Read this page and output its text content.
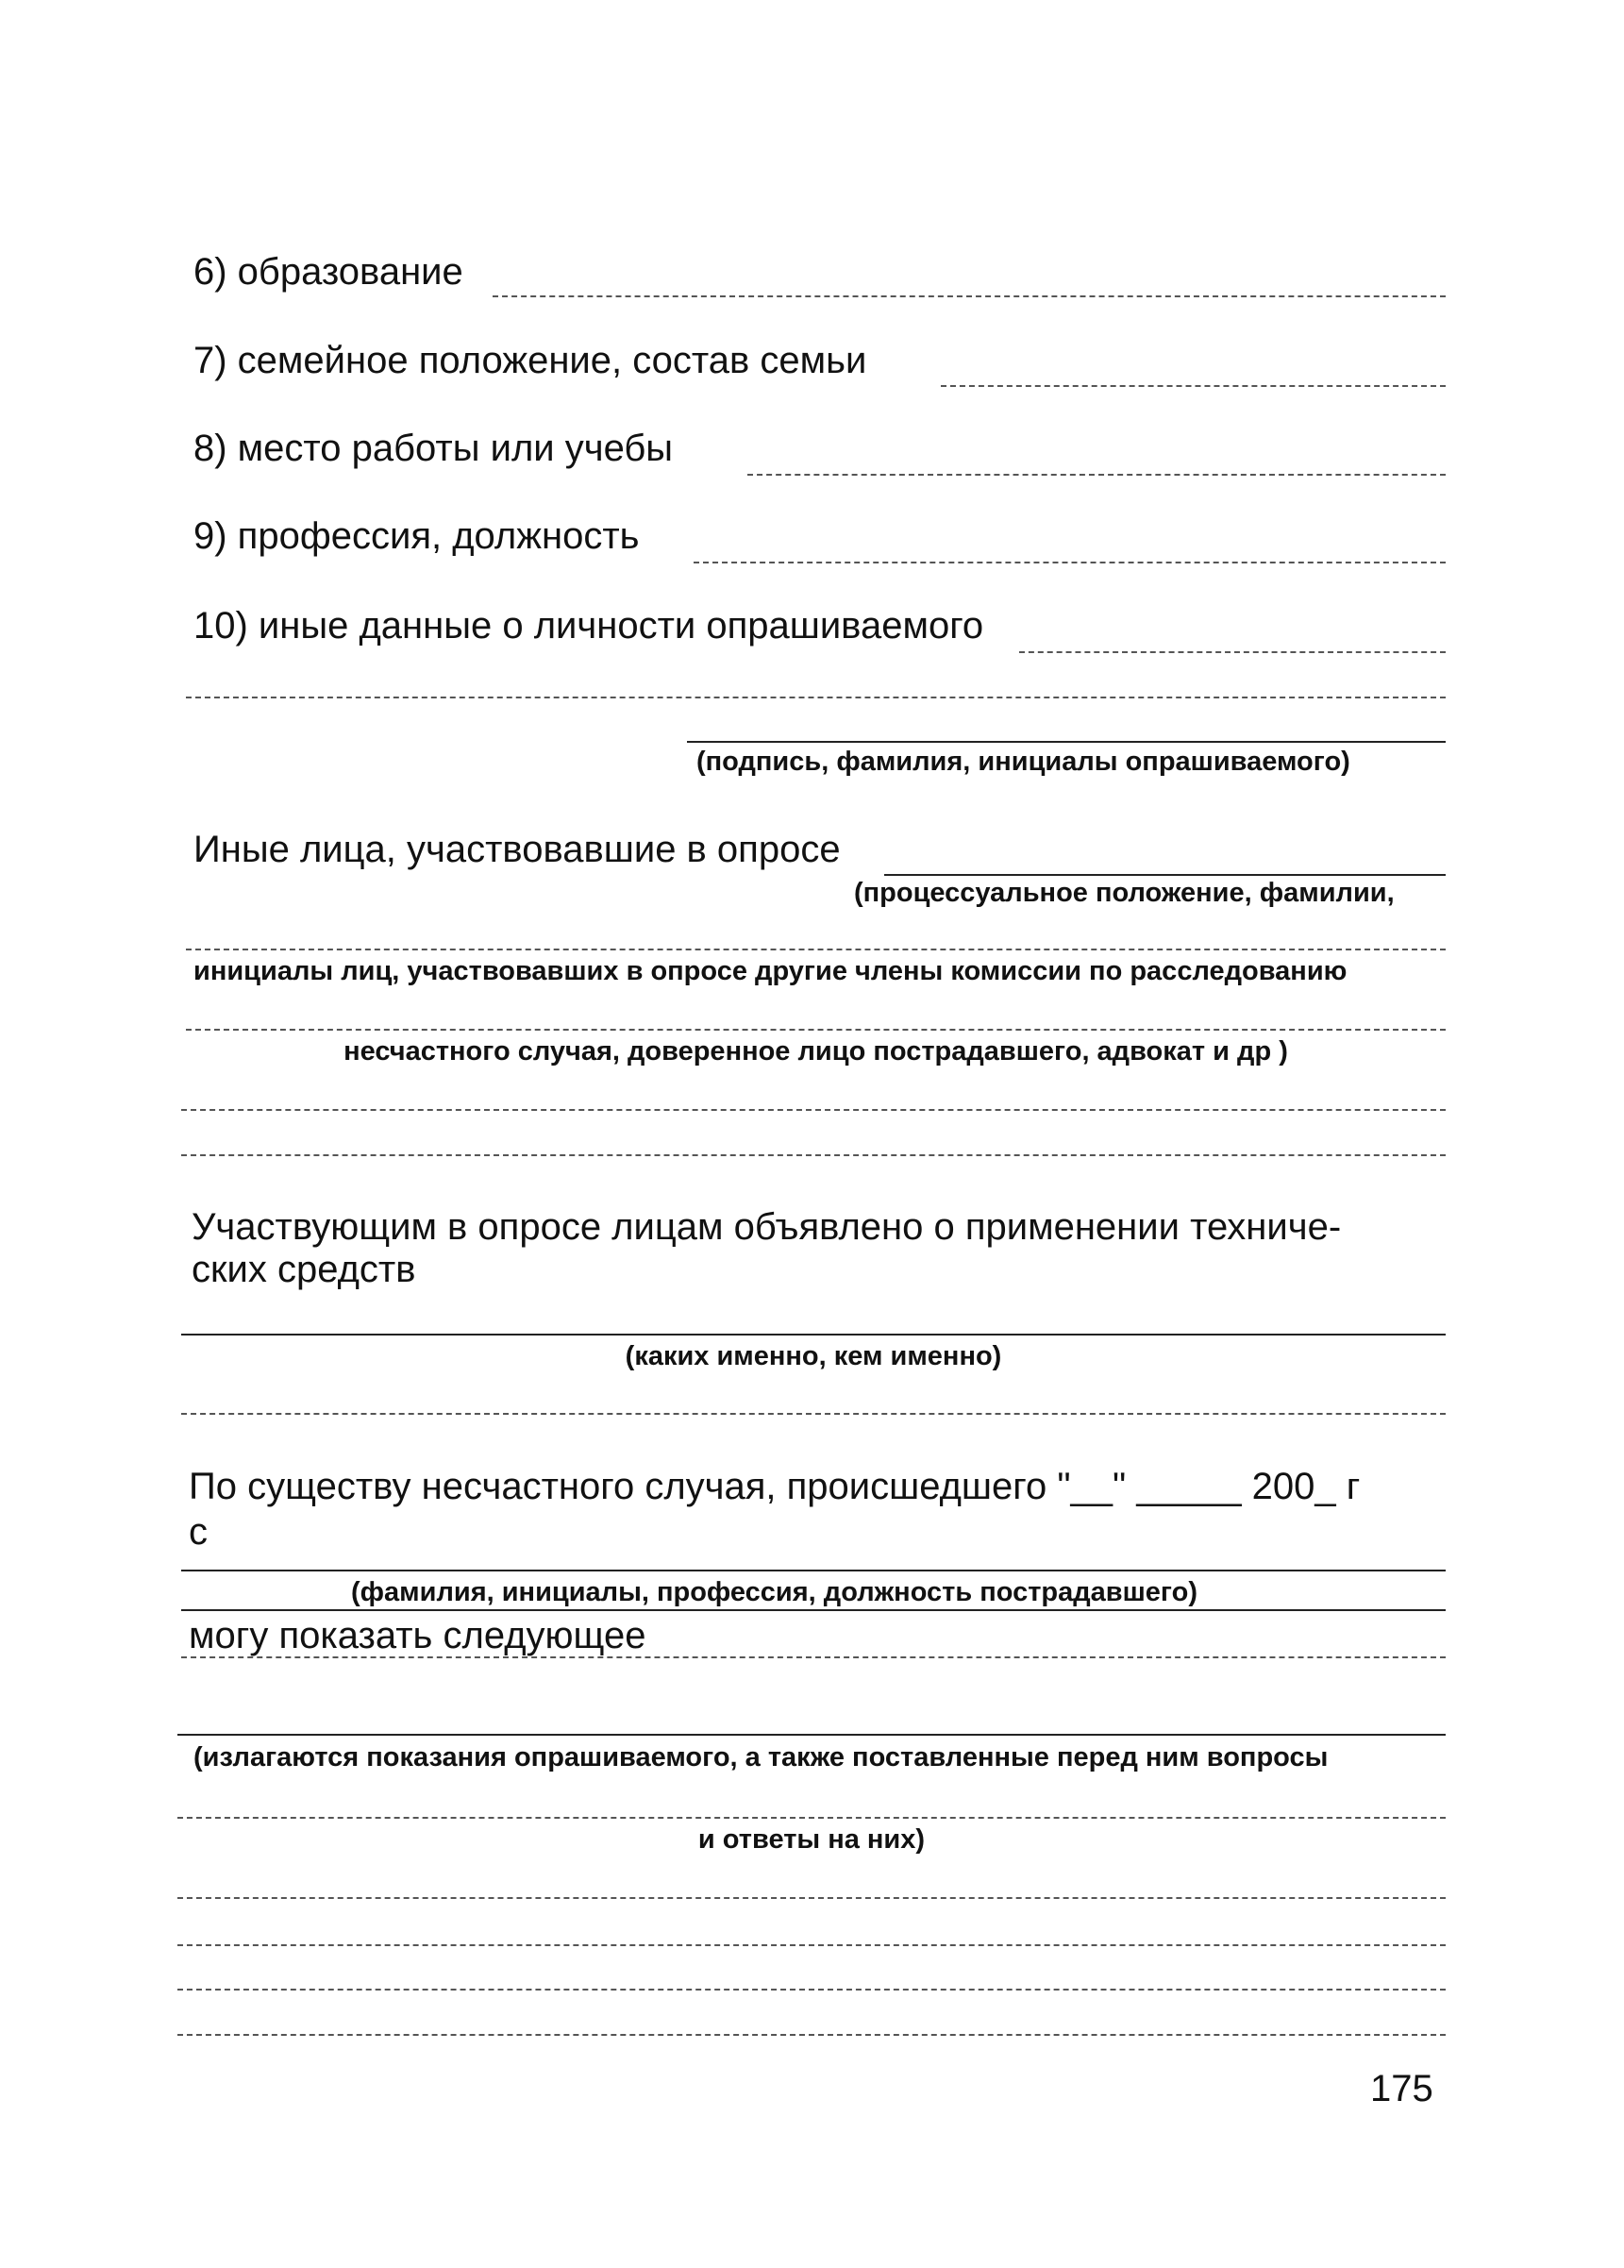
6) образование
7) семейное положение, состав семьи
8) место работы или учебы
9) профессия, должность
10) иные данные о личности опрашиваемого
(подпись, фамилия, инициалы опрашиваемого)
Иные лица, участвовавшие в опросе
(процессуальное положение, фамилии,
инициалы лиц, участвовавших в опросе другие члены комиссии по расследованию
несчастного случая, доверенное лицо пострадавшего, адвокат и др )
Участвующим в опросе лицам объявлено о применении техниче-
ских средств
(каких именно, кем именно)
По существу несчастного случая, происшедшего "__" _____ 200_ г
с
(фамилия, инициалы, профессия, должность пострадавшего)
могу показать следующее
(излагаются показания опрашиваемого, а также поставленные перед ним вопросы
и ответы на них)
175
